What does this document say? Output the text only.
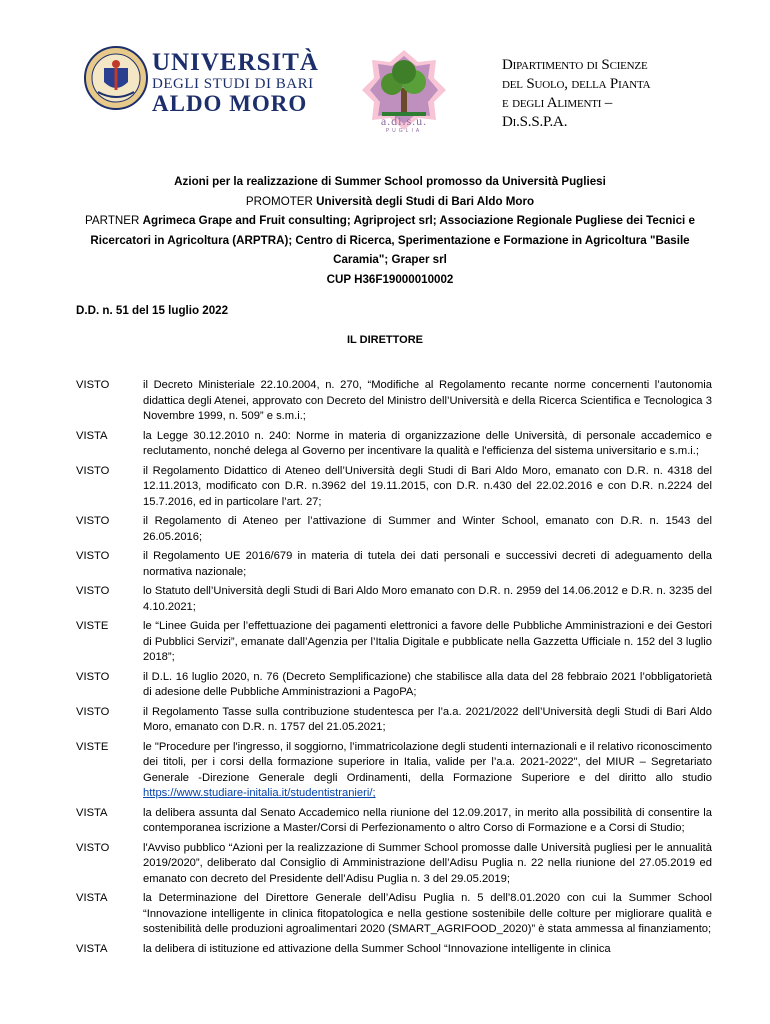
UNIVERSITÀ
DEGLI STUDI DI BARI
ALDO MORO
a.di.s.u.
PUGLIA
Dipartimento di Scienze
del Suolo, della Pianta
e degli Alimenti –
Di.S.S.P.A.
Azioni per la realizzazione di Summer School promosso da Università Pugliesi
PROMOTER Università degli Studi di Bari Aldo Moro
PARTNER Agrimeca Grape and Fruit consulting; Agriproject srl; Associazione Regionale Pugliese dei Tecnici e Ricercatori in Agricoltura (ARPTRA); Centro di Ricerca, Sperimentazione e Formazione in Agricoltura "Basile Caramia"; Graper srl
CUP H36F19000010002
D.D. n. 51 del 15 luglio 2022
IL DIRETTORE
VISTO	il Decreto Ministeriale 22.10.2004, n. 270, “Modifiche al Regolamento recante norme concernenti l’autonomia didattica degli Atenei, approvato con Decreto del Ministro dell’Università e della Ricerca Scientifica e Tecnologica 3 Novembre 1999, n. 509” e s.m.i.;
VISTA	la Legge 30.12.2010 n. 240: Norme in materia di organizzazione delle Università, di personale accademico e reclutamento, nonché delega al Governo per incentivare la qualità e l'efficienza del sistema universitario e s.m.i.;
VISTO	il Regolamento Didattico di Ateneo dell’Università degli Studi di Bari Aldo Moro, emanato con D.R. n. 4318 del 12.11.2013, modificato con D.R. n.3962 del 19.11.2015, con D.R. n.430 del 22.02.2016 e con D.R. n.2224 del 15.7.2016, ed in particolare l’art. 27;
VISTO	il Regolamento di Ateneo per l’attivazione di Summer and Winter School, emanato con D.R. n. 1543 del 26.05.2016;
VISTO	il Regolamento UE 2016/679 in materia di tutela dei dati personali e successivi decreti di adeguamento della normativa nazionale;
VISTO	lo Statuto dell’Università degli Studi di Bari Aldo Moro emanato con D.R. n. 2959 del 14.06.2012 e D.R. n. 3235 del 4.10.2021;
VISTE	le “Linee Guida per l’effettuazione dei pagamenti elettronici a favore delle Pubbliche Amministrazioni e dei Gestori di Pubblici Servizi”, emanate dall’Agenzia per l’Italia Digitale e pubblicate nella Gazzetta Ufficiale n. 152 del 3 luglio 2018”;
VISTO	il D.L. 16 luglio 2020, n. 76 (Decreto Semplificazione) che stabilisce alla data del 28 febbraio 2021 l’obbligatorietà di adesione delle Pubbliche Amministrazioni a PagoPA;
VISTO	il Regolamento Tasse sulla contribuzione studentesca per l’a.a. 2021/2022 dell’Università degli Studi di Bari Aldo Moro, emanato con D.R. n. 1757 del 21.05.2021;
VISTE	le "Procedure per l'ingresso, il soggiorno, l’immatricolazione degli studenti internazionali e il relativo riconoscimento dei titoli, per i corsi della formazione superiore in Italia, valide per l’a.a. 2021-2022", del MIUR – Segretariato Generale -Direzione Generale degli Ordinamenti, della Formazione Superiore e del diritto allo studio https://www.studiare-initalia.it/studentistranieri/;
VISTA	la delibera assunta dal Senato Accademico nella riunione del 12.09.2017, in merito alla possibilità di consentire la contemporanea iscrizione a Master/Corsi di Perfezionamento o altro Corso di Formazione e a Corsi di Studio;
VISTO	l'Avviso pubblico “Azioni per la realizzazione di Summer School promosse dalle Università pugliesi per le annualità 2019/2020”, deliberato dal Consiglio di Amministrazione dell’Adisu Puglia n. 22 nella riunione del 27.05.2019 ed emanato con decreto del Presidente dell’Adisu Puglia n. 3 del 29.05.2019;
VISTA	la Determinazione del Direttore Generale dell’Adisu Puglia n. 5 dell’8.01.2020 con cui la Summer School “Innovazione intelligente in clinica fitopatologica e nella gestione sostenibile delle colture per migliorare qualità e sostenibilità delle produzioni agroalimentari 2020 (SMART_AGRIFOOD_2020)” è stata ammessa al finanziamento;
VISTA	la delibera di istituzione ed attivazione della Summer School “Innovazione intelligente in clinica
